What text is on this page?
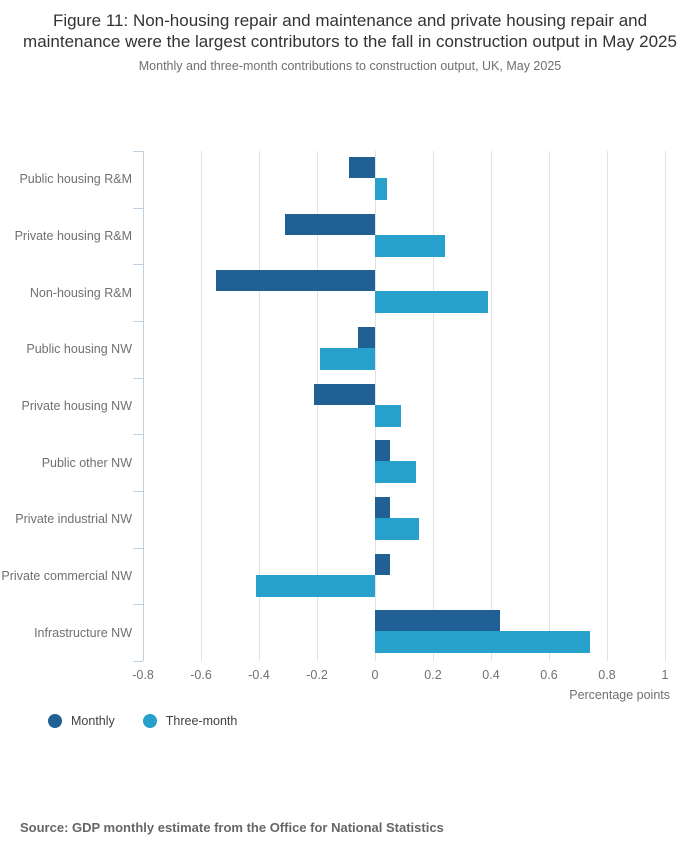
Figure 11: Non-housing repair and maintenance and private housing repair and maintenance were the largest contributors to the fall in construction output in May 2025
Monthly and three-month contributions to construction output, UK, May 2025
Public housing R&M
Private housing R&M
Non-housing R&M
Public housing NW
Private housing NW
Public other NW
Private industrial NW
Private commercial NW
Infrastructure NW
-0.8	-0.6	-0.4	-0.2	0	0.2	0.4	0.6	0.8	1
Percentage points
Monthly	Three-month
Source: GDP monthly estimate from the Office for National Statistics
